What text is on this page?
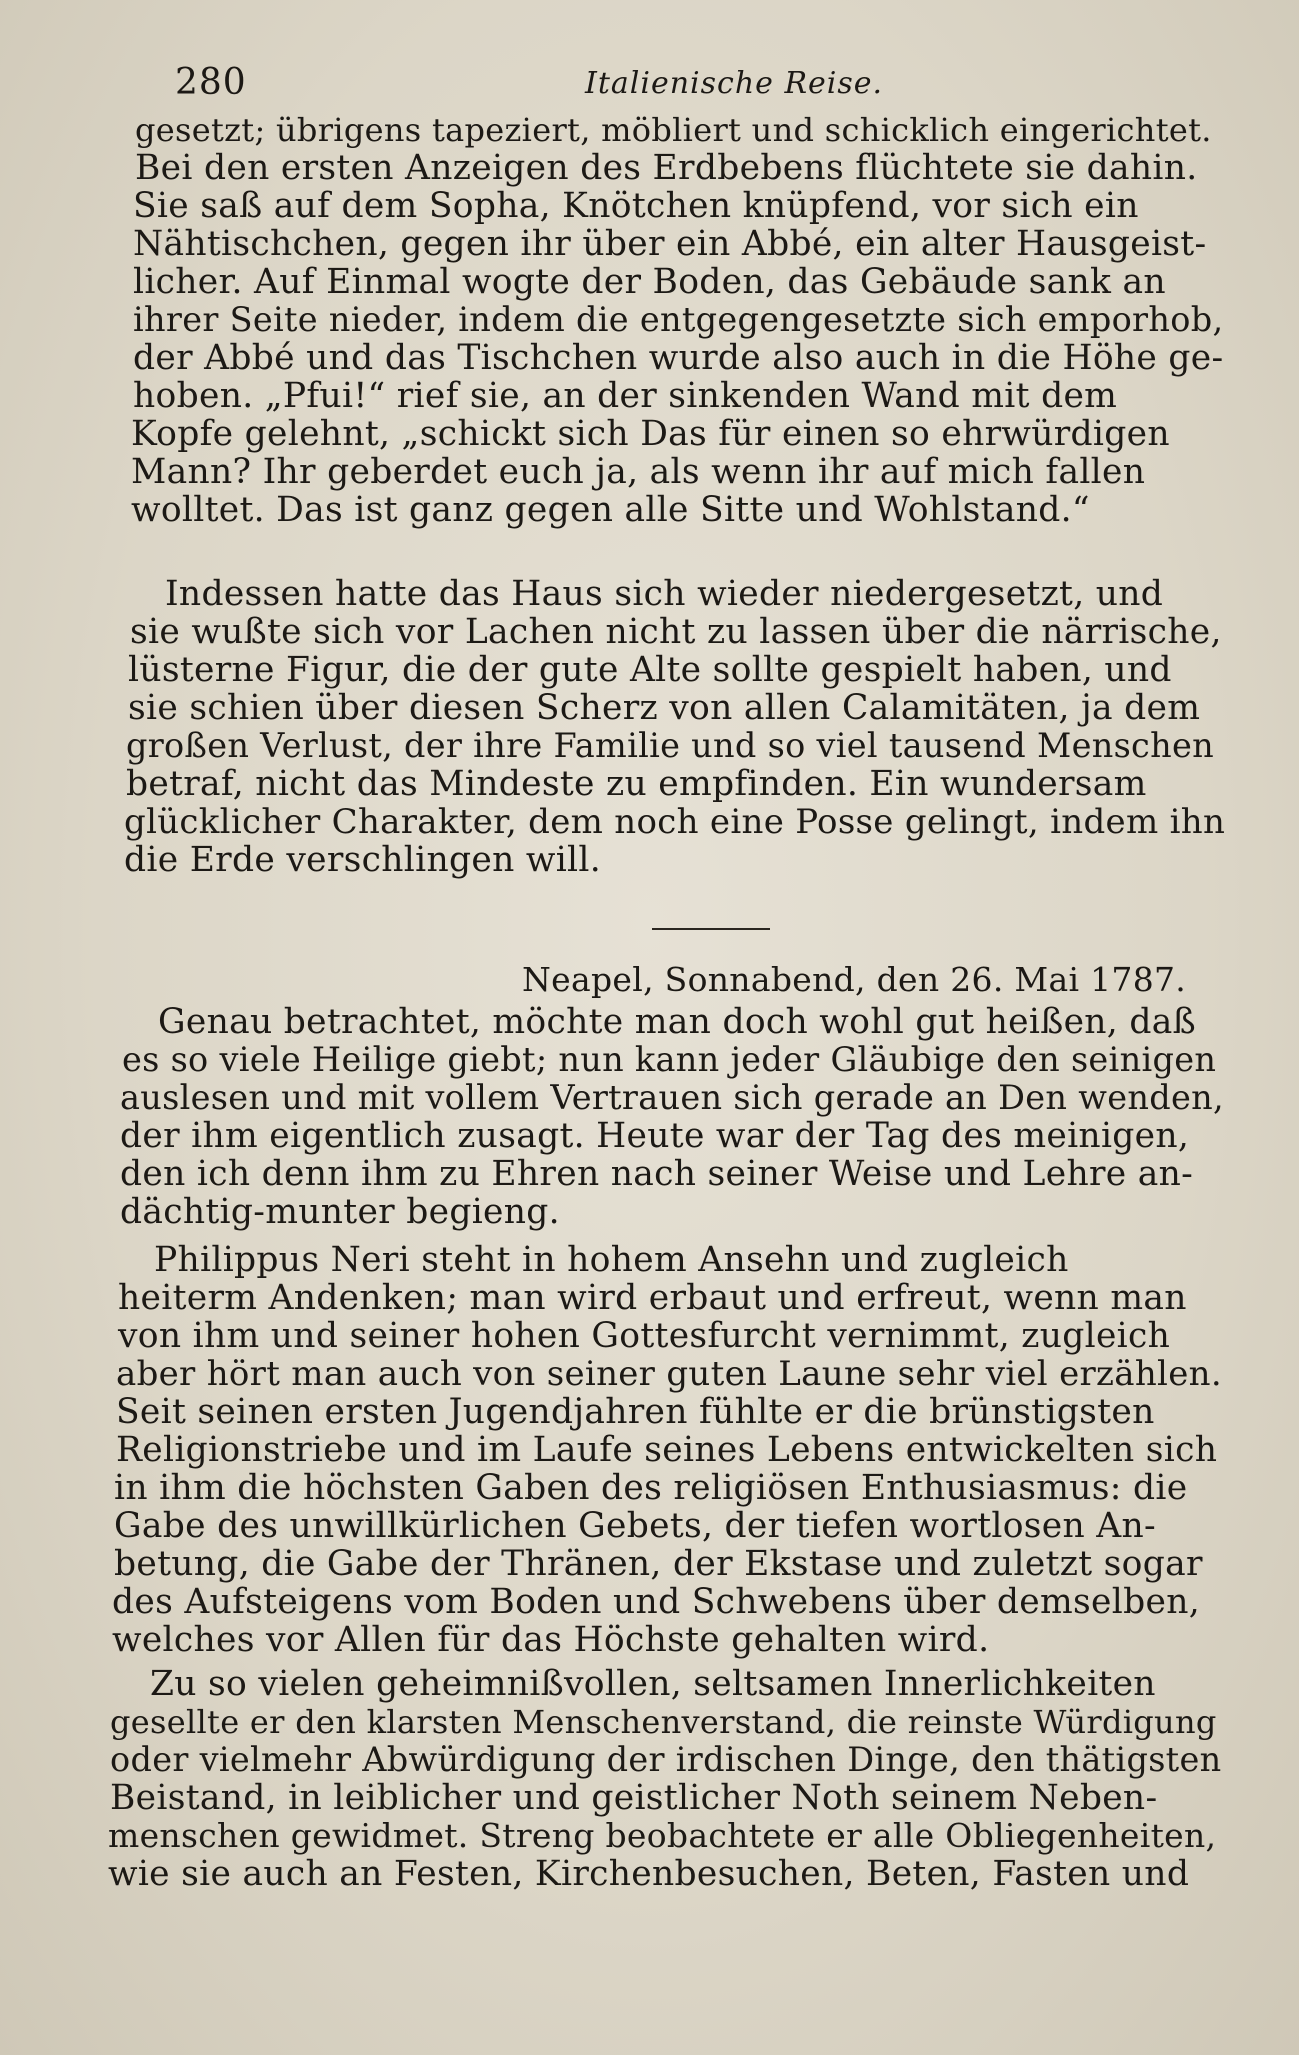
280	Italienische Reise.
gesetzt; übrigens tapeziert, möbliert und schicklich eingerichtet.
Bei den ersten Anzeigen des Erdbebens flüchtete sie dahin.
Sie saß auf dem Sopha, Knötchen knüpfend, vor sich ein
Nähtischchen, gegen ihr über ein Abbé, ein alter Hausgeist-
licher. Auf Einmal wogte der Boden, das Gebäude sank an
ihrer Seite nieder, indem die entgegengesetzte sich emporhob,
der Abbé und das Tischchen wurde also auch in die Höhe ge-
hoben. „Pfui!“ rief sie, an der sinkenden Wand mit dem
Kopfe gelehnt, „schickt sich Das für einen so ehrwürdigen
Mann? Ihr geberdet euch ja, als wenn ihr auf mich fallen
wolltet. Das ist ganz gegen alle Sitte und Wohlstand.“
Indessen hatte das Haus sich wieder niedergesetzt, und
sie wußte sich vor Lachen nicht zu lassen über die närrische,
lüsterne Figur, die der gute Alte sollte gespielt haben, und
sie schien über diesen Scherz von allen Calamitäten, ja dem
großen Verlust, der ihre Familie und so viel tausend Menschen
betraf, nicht das Mindeste zu empfinden. Ein wundersam
glücklicher Charakter, dem noch eine Posse gelingt, indem ihn
die Erde verschlingen will.
Neapel, Sonnabend, den 26. Mai 1787.
Genau betrachtet, möchte man doch wohl gut heißen, daß
es so viele Heilige giebt; nun kann jeder Gläubige den seinigen
auslesen und mit vollem Vertrauen sich gerade an Den wenden,
der ihm eigentlich zusagt. Heute war der Tag des meinigen,
den ich denn ihm zu Ehren nach seiner Weise und Lehre an-
dächtig-munter begieng.
Philippus Neri steht in hohem Ansehn und zugleich
heiterm Andenken; man wird erbaut und erfreut, wenn man
von ihm und seiner hohen Gottesfurcht vernimmt, zugleich
aber hört man auch von seiner guten Laune sehr viel erzählen.
Seit seinen ersten Jugendjahren fühlte er die brünstigsten
Religionstriebe und im Laufe seines Lebens entwickelten sich
in ihm die höchsten Gaben des religiösen Enthusiasmus: die
Gabe des unwillkürlichen Gebets, der tiefen wortlosen An-
betung, die Gabe der Thränen, der Ekstase und zuletzt sogar
des Aufsteigens vom Boden und Schwebens über demselben,
welches vor Allen für das Höchste gehalten wird.
Zu so vielen geheimnißvollen, seltsamen Innerlichkeiten
gesellte er den klarsten Menschenverstand, die reinste Würdigung
oder vielmehr Abwürdigung der irdischen Dinge, den thätigsten
Beistand, in leiblicher und geistlicher Noth seinem Neben-
menschen gewidmet. Streng beobachtete er alle Obliegenheiten,
wie sie auch an Festen, Kirchenbesuchen, Beten, Fasten und
